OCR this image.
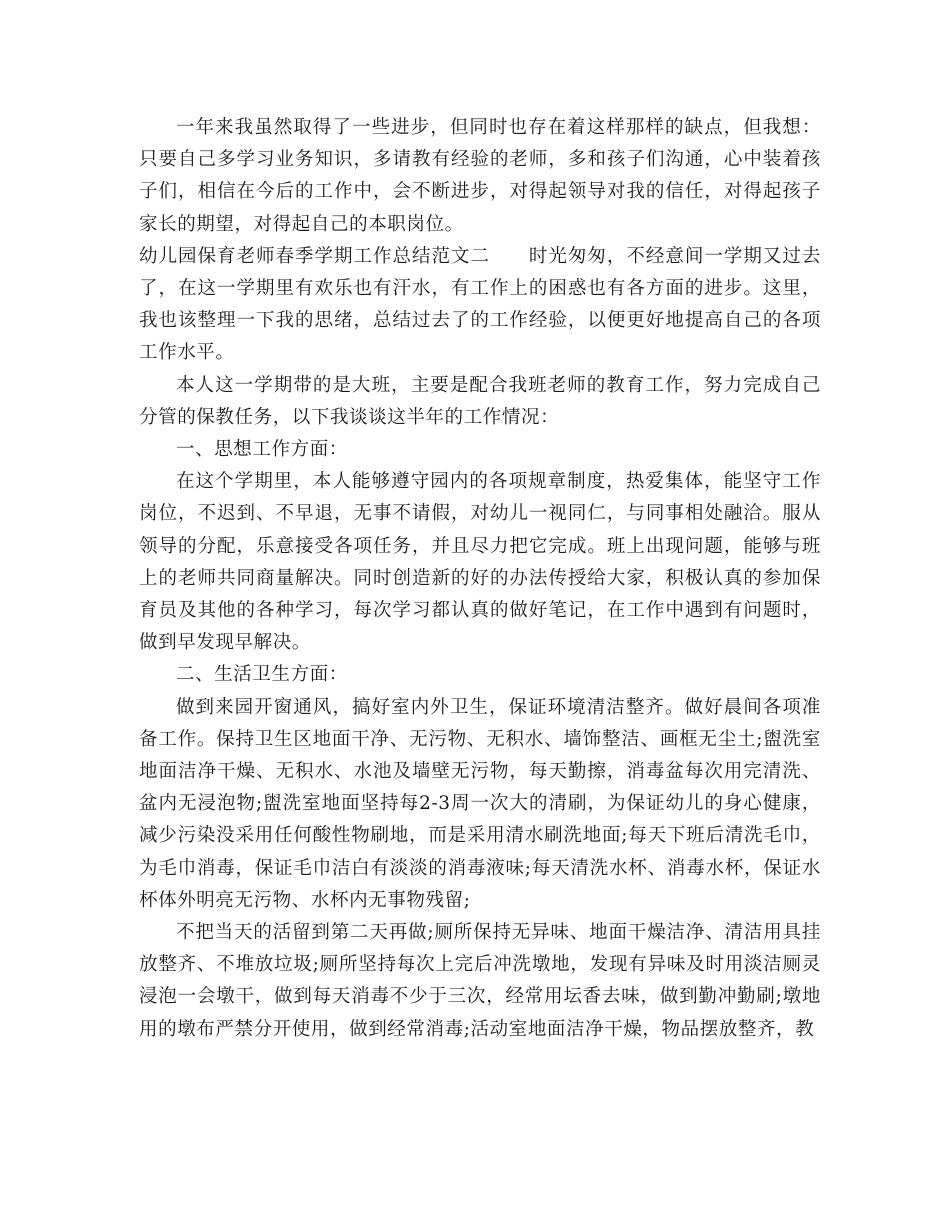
一年来我虽然取得了一些进步，但同时也存在着这样那样的缺点，但我想：只要自己多学习业务知识，多请教有经验的老师，多和孩子们沟通，心中装着孩子们，相信在今后的工作中，会不断进步，对得起领导对我的信任，对得起孩子家长的期望，对得起自己的本职岗位。

幼儿园保育老师春季学期工作总结范文二　　时光匆匆，不经意间一学期又过去了，在这一学期里有欢乐也有汗水，有工作上的困惑也有各方面的进步。这里，我也该整理一下我的思绪，总结过去了的工作经验，以便更好地提高自己的各项工作水平。

本人这一学期带的是大班，主要是配合我班老师的教育工作，努力完成自己分管的保教任务，以下我谈谈这半年的工作情况：

一、思想工作方面：

在这个学期里，本人能够遵守园内的各项规章制度，热爱集体，能坚守工作岗位，不迟到、不早退，无事不请假，对幼儿一视同仁，与同事相处融洽。服从领导的分配，乐意接受各项任务，并且尽力把它完成。班上出现问题，能够与班上的老师共同商量解决。同时创造新的好的办法传授给大家，积极认真的参加保育员及其他的各种学习，每次学习都认真的做好笔记，在工作中遇到有问题时，做到早发现早解决。

二、生活卫生方面：

做到来园开窗通风，搞好室内外卫生，保证环境清洁整齐。做好晨间各项准备工作。保持卫生区地面干净、无污物、无积水、墙饰整洁、画框无尘土;盥洗室地面洁净干燥、无积水、水池及墙壁无污物，每天勤擦，消毒盆每次用完清洗、盆内无浸泡物;盥洗室地面坚持每2-3周一次大的清刷，为保证幼儿的身心健康，减少污染没采用任何酸性物刷地，而是采用清水刷洗地面;每天下班后清洗毛巾，为毛巾消毒，保证毛巾洁白有淡淡的消毒液味;每天清洗水杯、消毒水杯，保证水杯体外明亮无污物、水杯内无事物残留;

不把当天的活留到第二天再做;厕所保持无异味、地面干燥洁净、清洁用具挂放整齐、不堆放垃圾;厕所坚持每次上完后冲洗墩地，发现有异味及时用淡洁厕灵浸泡一会墩干，做到每天消毒不少于三次，经常用坛香去味，做到勤冲勤刷;墩地用的墩布严禁分开使用，做到经常消毒;活动室地面洁净干燥，物品摆放整齐，教
